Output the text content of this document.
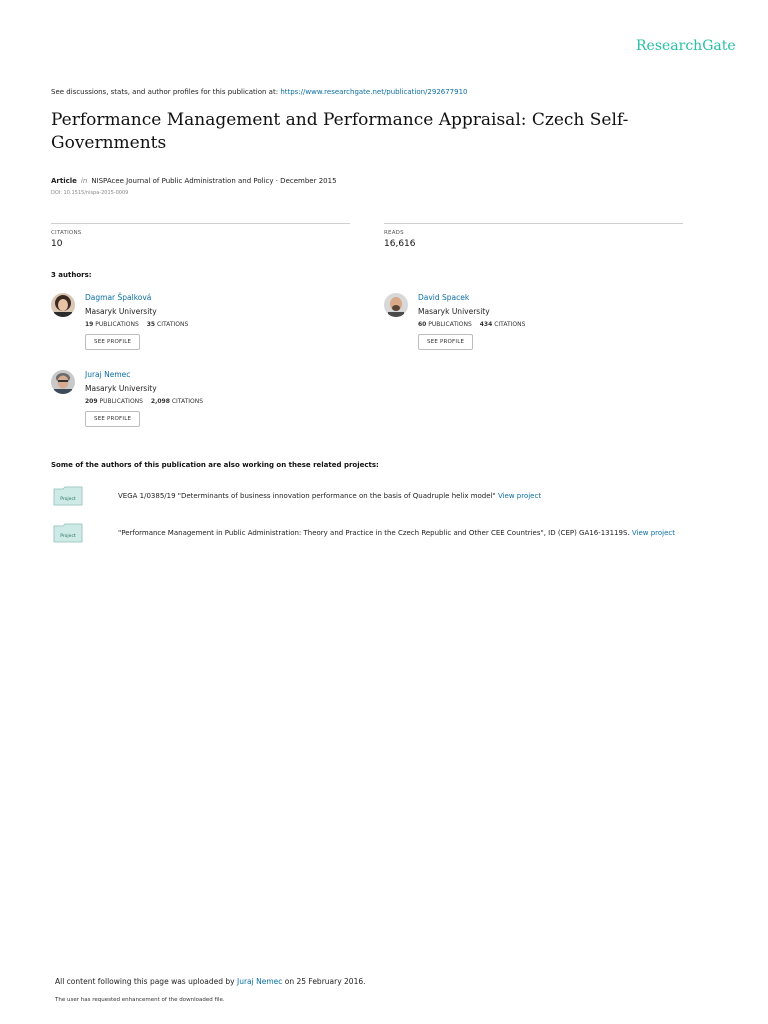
ResearchGate
See discussions, stats, and author profiles for this publication at: https://www.researchgate.net/publication/292677910
Performance Management and Performance Appraisal: Czech Self-Governments
Article in NISPAcee Journal of Public Administration and Policy · December 2015
DOI: 10.1515/nispa-2015-0009
CITATIONS
10
READS
16,616
3 authors:
Dagmar Špalková
Masaryk University
19 PUBLICATIONS 35 CITATIONS
SEE PROFILE
David Spacek
Masaryk University
60 PUBLICATIONS 434 CITATIONS
SEE PROFILE
Juraj Nemec
Masaryk University
209 PUBLICATIONS 2,098 CITATIONS
SEE PROFILE
Some of the authors of this publication are also working on these related projects:
Project	VEGA 1/0385/19 "Determinants of business innovation performance on the basis of Quadruple helix model" View project
Project	"Performance Management in Public Administration: Theory and Practice in the Czech Republic and Other CEE Countries", ID (CEP) GA16-13119S. View project
All content following this page was uploaded by Juraj Nemec on 25 February 2016.
The user has requested enhancement of the downloaded file.
